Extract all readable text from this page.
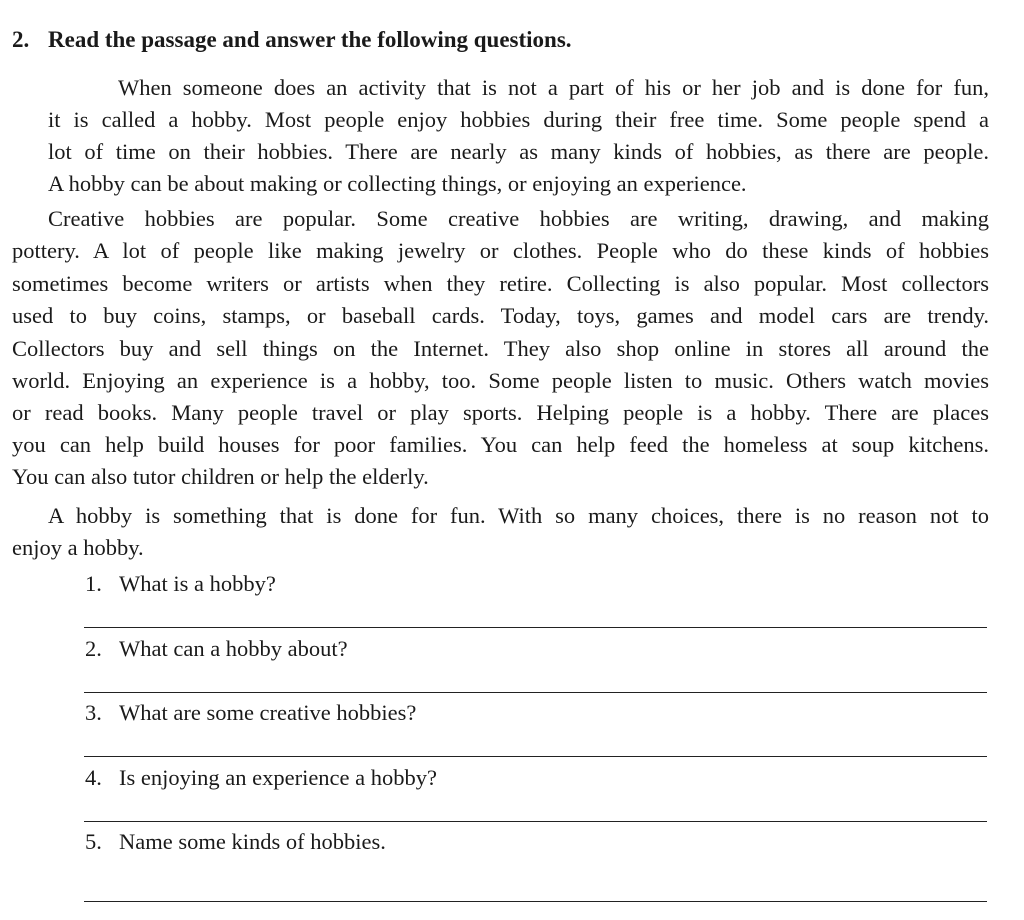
2. Read the passage and answer the following questions.
When someone does an activity that is not a part of his or her job and is done for fun,
it is called a hobby. Most people enjoy hobbies during their free time. Some people spend a
lot of time on their hobbies. There are nearly as many kinds of hobbies, as there are people.
A hobby can be about making or collecting things, or enjoying an experience.
Creative hobbies are popular. Some creative hobbies are writing, drawing, and making
pottery. A lot of people like making jewelry or clothes. People who do these kinds of hobbies
sometimes become writers or artists when they retire. Collecting is also popular. Most collectors
used to buy coins, stamps, or baseball cards. Today, toys, games and model cars are trendy.
Collectors buy and sell things on the Internet. They also shop online in stores all around the
world. Enjoying an experience is a hobby, too. Some people listen to music. Others watch movies
or read books. Many people travel or play sports. Helping people is a hobby. There are places
you can help build houses for poor families. You can help feed the homeless at soup kitchens.
You can also tutor children or help the elderly.
A hobby is something that is done for fun. With so many choices, there is no reason not to
enjoy a hobby.
1. What is a hobby?
2. What can a hobby about?
3. What are some creative hobbies?
4. Is enjoying an experience a hobby?
5. Name some kinds of hobbies.
